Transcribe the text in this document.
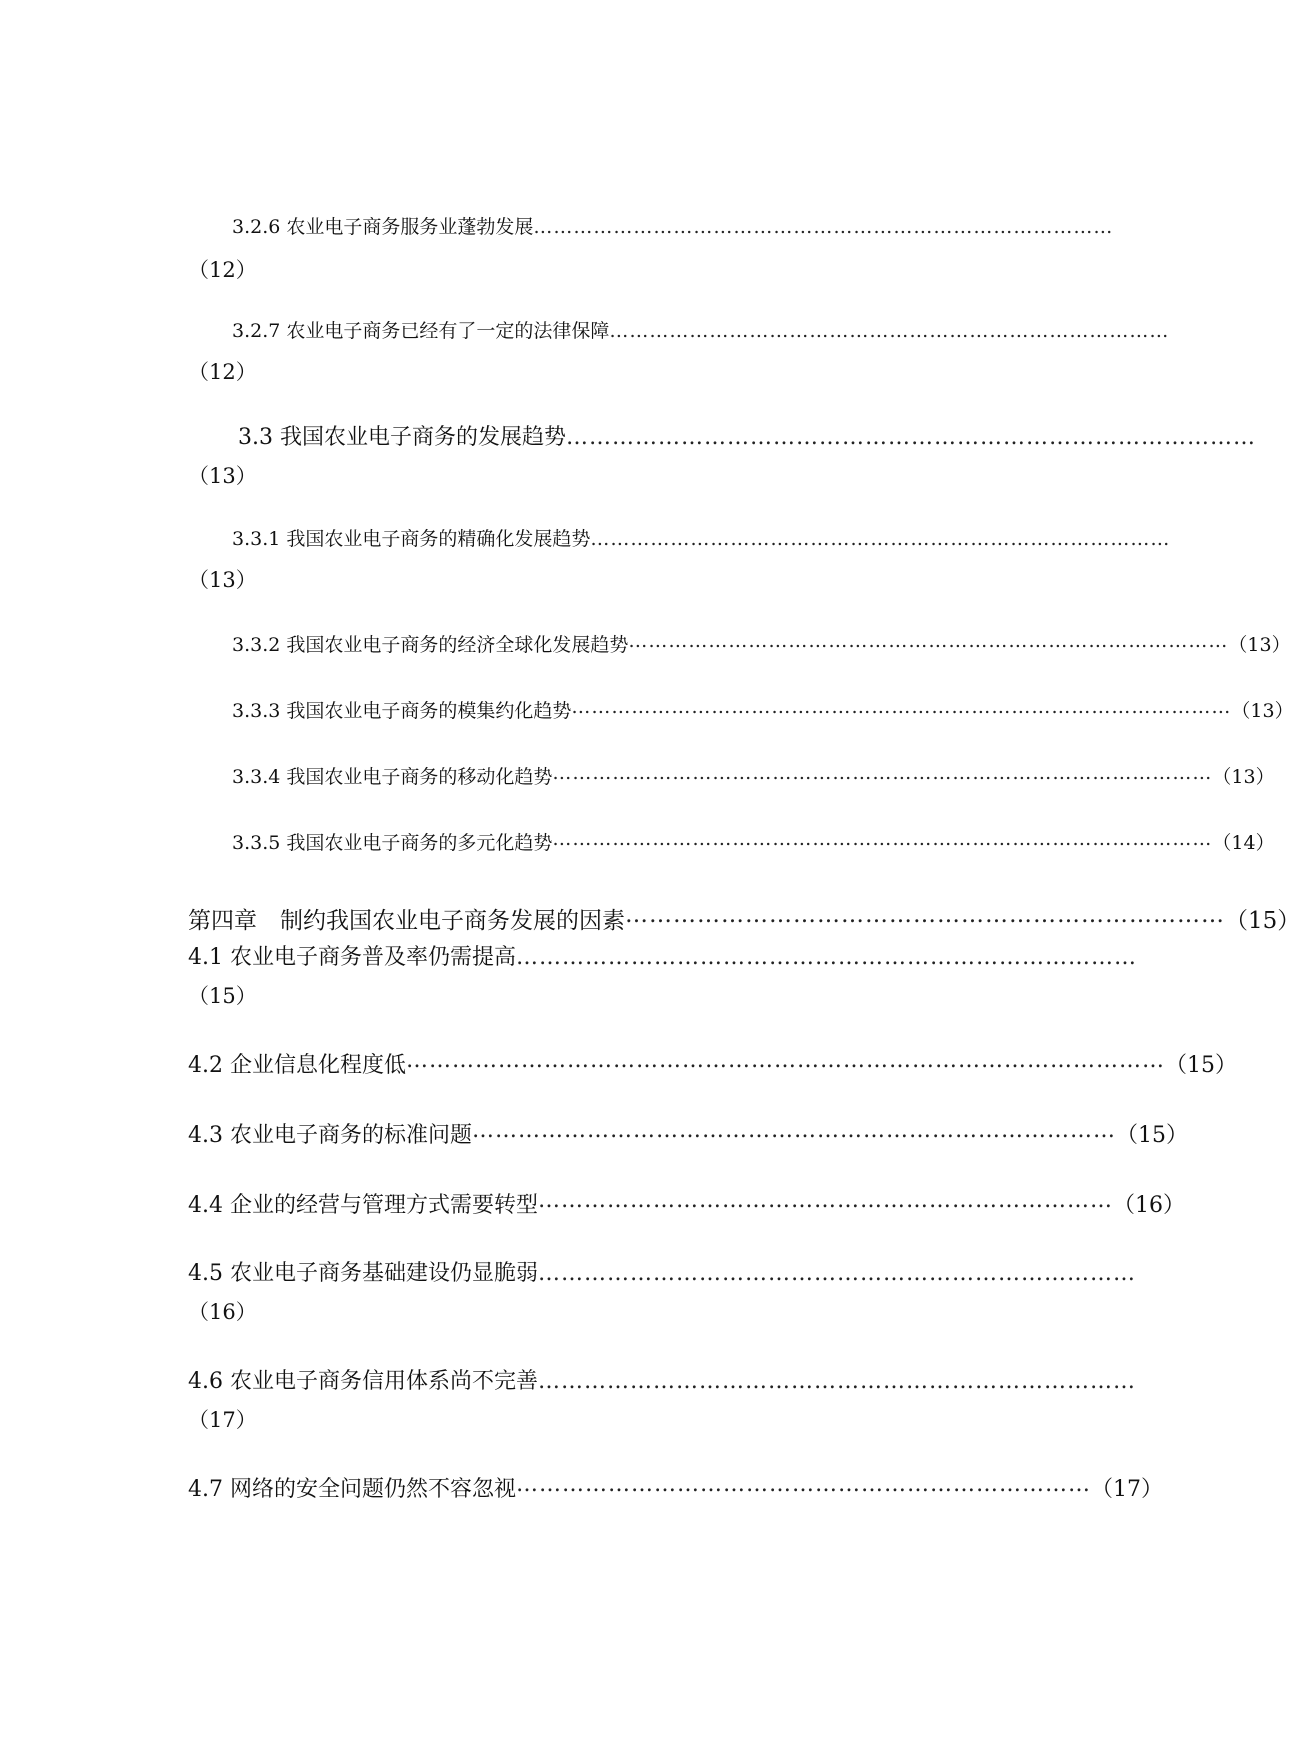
3.2.6 农业电子商务服务业蓬勃发展……………………………………………………………………………
（12）
3.2.7 农业电子商务已经有了一定的法律保障…………………………………………………………………………
（12）
3.3 我国农业电子商务的发展趋势………………………………………………………………………………
（13）
3.3.1 我国农业电子商务的精确化发展趋势……………………………………………………………………………
（13）
3.3.2 我国农业电子商务的经济全球化发展趋势 ……………………………………………………………………………… （13）
3.3.3 我国农业电子商务的模集约化趋势 ……………………………………………………………………………………… （13）
3.3.4 我国农业电子商务的移动化趋势 ……………………………………………………………………………………… （13）
3.3.5 我国农业电子商务的多元化趋势 ……………………………………………………………………………………… （14）
第四章　制约我国农业电子商务发展的因素 ………………………………………………………………… （15）
4.1 农业电子商务普及率仍需提高………………………………………………………………………
（15）
4.2 企业信息化程度低 ……………………………………………………………………………………… （15）
4.3 农业电子商务的标准问题 ………………………………………………………………………… （15）
4.4 企业的经营与管理方式需要转型 ………………………………………………………………… （16）
4.5 农业电子商务基础建设仍显脆弱……………………………………………………………………
（16）
4.6 农业电子商务信用体系尚不完善……………………………………………………………………
（17）
4.7 网络的安全问题仍然不容忽视 ………………………………………………………………… （17）
